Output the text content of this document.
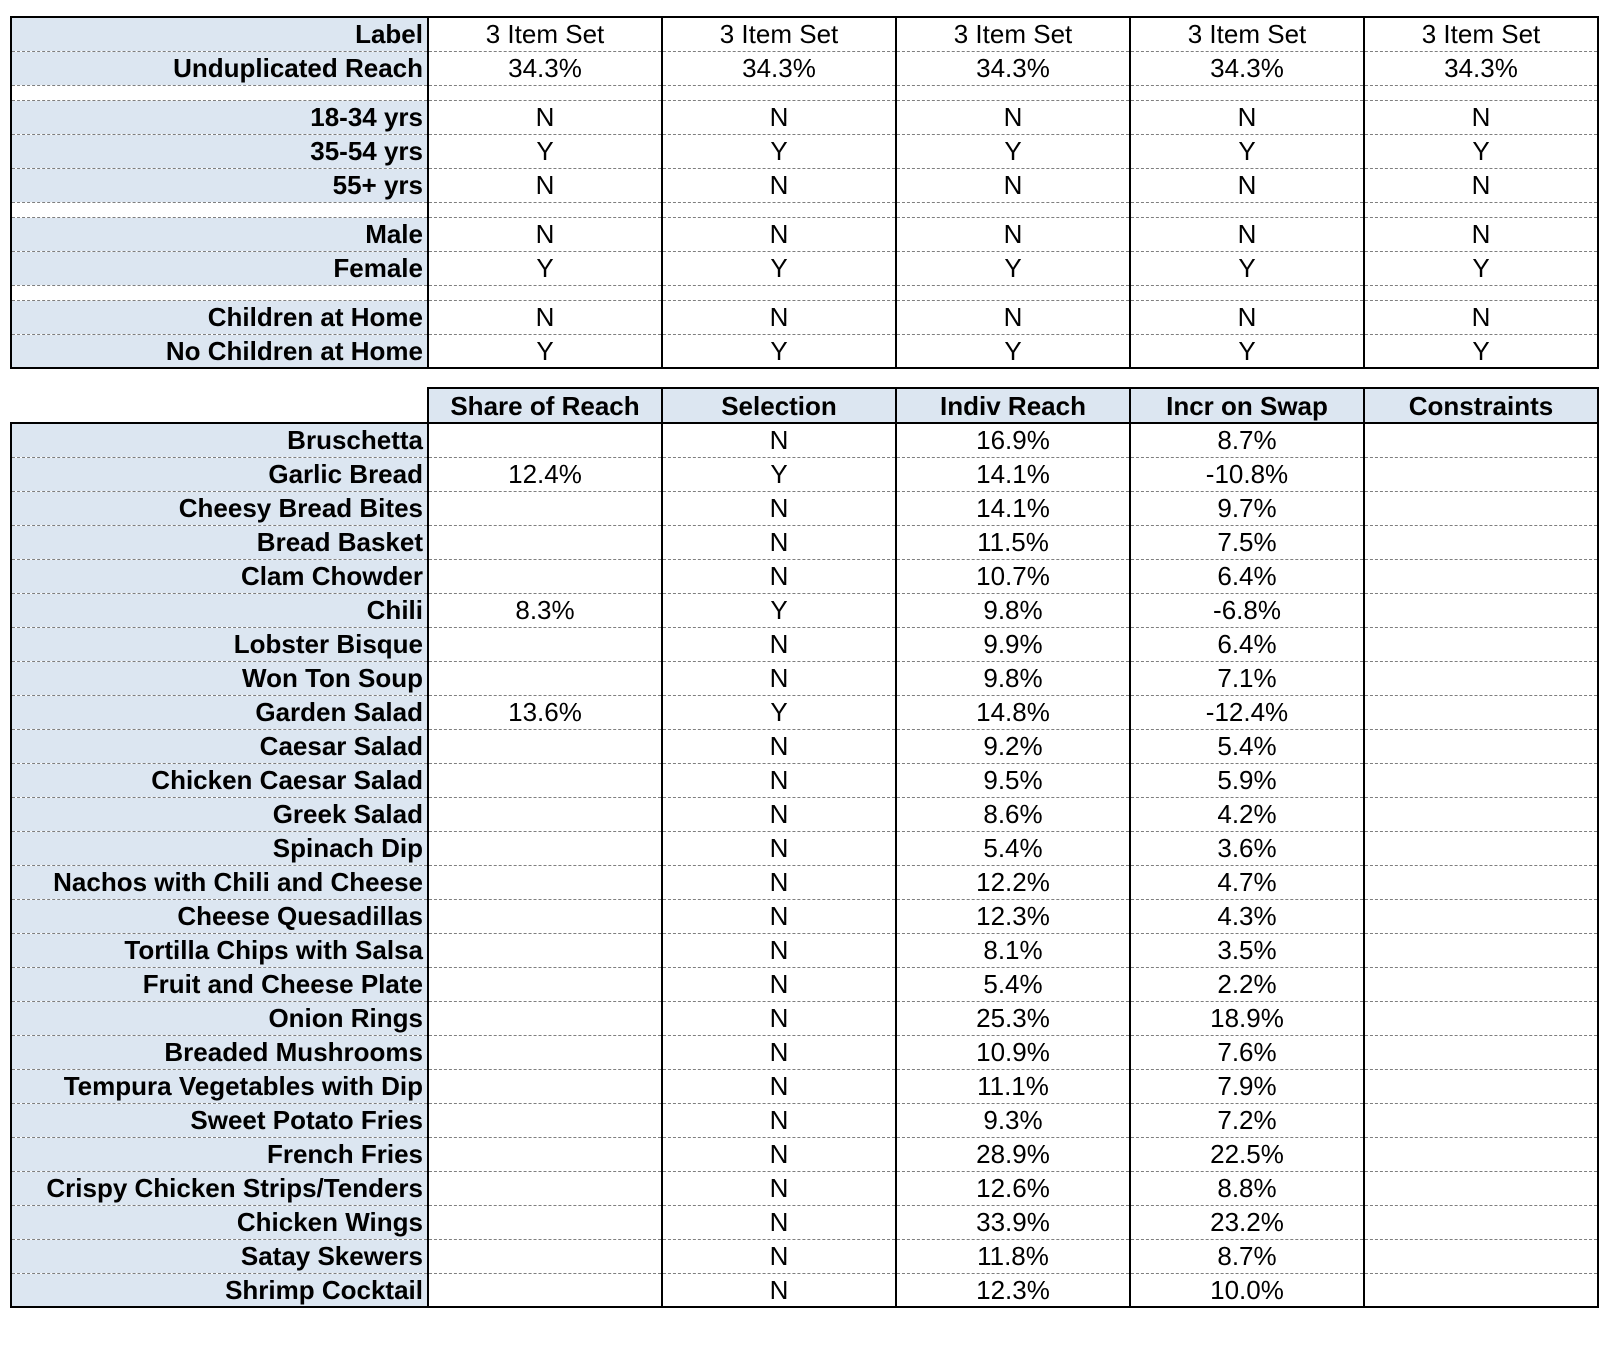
Label	3 Item Set	3 Item Set	3 Item Set	3 Item Set	3 Item Set
Unduplicated Reach	34.3%	34.3%	34.3%	34.3%	34.3%

18-34 yrs	N	N	N	N	N
35-54 yrs	Y	Y	Y	Y	Y
55+ yrs	N	N	N	N	N

Male	N	N	N	N	N
Female	Y	Y	Y	Y	Y

Children at Home	N	N	N	N	N
No Children at Home	Y	Y	Y	Y	Y
	Share of Reach	Selection	Indiv Reach	Incr on Swap	Constraints
Bruschetta		N	16.9%	8.7%	
Garlic Bread	12.4%	Y	14.1%	-10.8%	
Cheesy Bread Bites		N	14.1%	9.7%	
Bread Basket		N	11.5%	7.5%	
Clam Chowder		N	10.7%	6.4%	
Chili	8.3%	Y	9.8%	-6.8%	
Lobster Bisque		N	9.9%	6.4%	
Won Ton Soup		N	9.8%	7.1%	
Garden Salad	13.6%	Y	14.8%	-12.4%	
Caesar Salad		N	9.2%	5.4%	
Chicken Caesar Salad		N	9.5%	5.9%	
Greek Salad		N	8.6%	4.2%	
Spinach Dip		N	5.4%	3.6%	
Nachos with Chili and Cheese		N	12.2%	4.7%	
Cheese Quesadillas		N	12.3%	4.3%	
Tortilla Chips with Salsa		N	8.1%	3.5%	
Fruit and Cheese Plate		N	5.4%	2.2%	
Onion Rings		N	25.3%	18.9%	
Breaded Mushrooms		N	10.9%	7.6%	
Tempura Vegetables with Dip		N	11.1%	7.9%	
Sweet Potato Fries		N	9.3%	7.2%	
French Fries		N	28.9%	22.5%	
Crispy Chicken Strips/Tenders		N	12.6%	8.8%	
Chicken Wings		N	33.9%	23.2%	
Satay Skewers		N	11.8%	8.7%	
Shrimp Cocktail		N	12.3%	10.0%	
